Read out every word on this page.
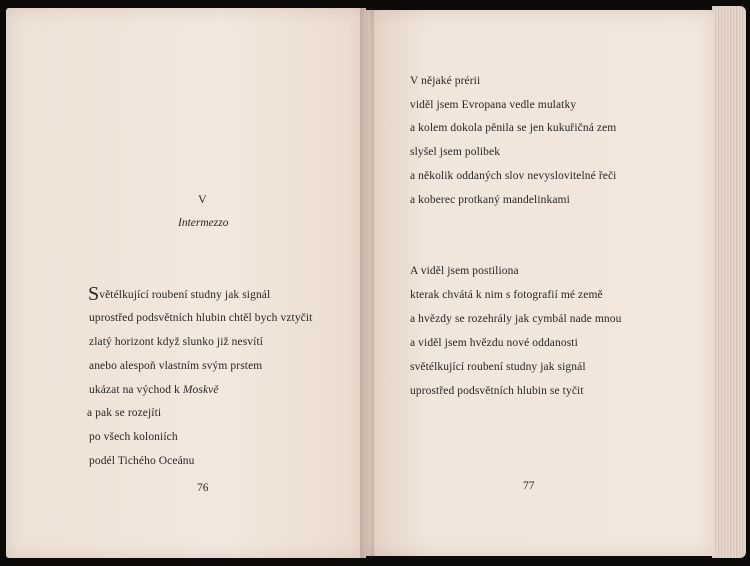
V
Intermezzo
Světélkující roubení studny jak signál
uprostřed podsvětních hlubin chtěl bych vztyčit
zlatý horizont když slunko již nesvítí
anebo alespoň vlastním svým prstem
ukázat na východ k Moskvě
a pak se rozejíti
po všech koloniích
podél Tichého Oceánu
76
V nějaké prérii
viděl jsem Evropana vedle mulatky
a kolem dokola pěnila se jen kukuřičná zem
slyšel jsem polibek
a několik oddaných slov nevyslovitelné řeči
a koberec protkaný mandelinkami
A viděl jsem postiliona
kterak chvátá k nim s fotografií mé země
a hvězdy se rozehrály jak cymbál nade mnou
a viděl jsem hvězdu nové oddanosti
světélkující roubení studny jak signál
uprostřed podsvětních hlubin se tyčit
77
